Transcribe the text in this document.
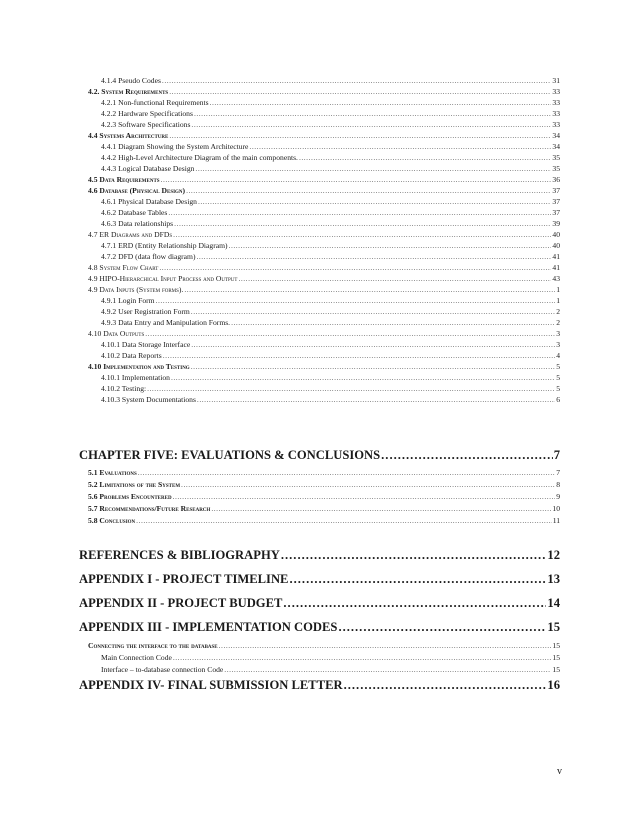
4.1.4 Pseudo Codes .....	31
4.2. System Requirements .....	33
4.2.1 Non-functional Requirements .....	33
4.2.2 Hardware Specifications .....	33
4.2.3 Software Specifications .....	33
4.4 Systems Architecture .....	34
4.4.1 Diagram Showing the System Architecture .....	34
4.4.2 High-Level Architecture Diagram of the main components. .....	35
4.4.3 Logical Database Design .....	35
4.5 Data Requirements .....	36
4.6 Database (Physical Design) .....	37
4.6.1 Physical Database Design .....	37
4.6.2 Database Tables .....	37
4.6.3 Data relationships .....	39
4.7 ER Diagrams and DFDs .....	40
4.7.1 ERD (Entity Relationship Diagram) .....	40
4.7.2 DFD (data flow diagram) .....	41
4.8 System Flow Chart .....	41
4.9 HIPO-Hierarchical Input Process and Output .....	43
4.9 Data Inputs (System forms). .....	1
4.9.1 Login Form .....	1
4.9.2 User Registration Form .....	2
4.9.3 Data Entry and Manipulation Forms. .....	2
4.10 Data Outputs .....	3
4.10.1 Data Storage Interface .....	3
4.10.2 Data Reports .....	4
4.10 Implementation and Testing .....	5
4.10.1 Implementation .....	5
4.10.2 Testing: .....	5
4.10.3 System Documentations .....	6
CHAPTER FIVE: EVALUATIONS & CONCLUSIONS .....	7
5.1 Evaluations .....	7
5.2 Limitations of the System .....	8
5.6 Problems Encountered .....	9
5.7 Recommendations/Future Research .....	10
5.8 Conclusion .....	11
REFERENCES & BIBLIOGRAPHY .....	12
APPENDIX I - PROJECT TIMELINE .....	13
APPENDIX II - PROJECT BUDGET .....	14
APPENDIX III - IMPLEMENTATION CODES .....	15
Connecting the interface to the database .....	15
Main Connection Code .....	15
Interface – to-database connection Code .....	15
APPENDIX IV- FINAL SUBMISSION LETTER .....	16
v
